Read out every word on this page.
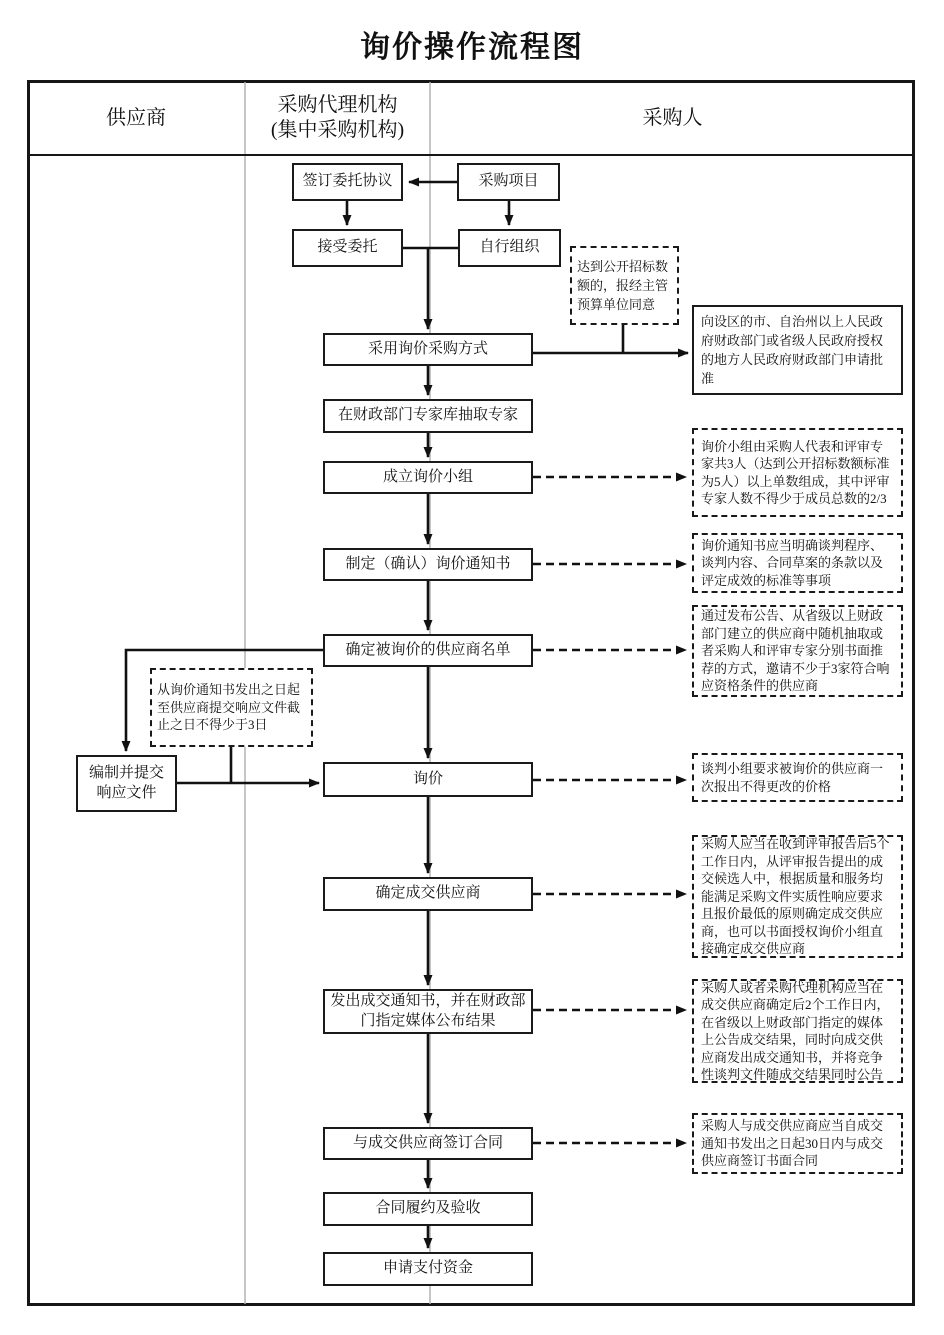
询价操作流程图
供应商
采购代理机构
(集中采购机构)
采购人
签订委托协议	采购项目
接受委托	自行组织
采用询价采购方式
在财政部门专家库抽取专家
成立询价小组
制定（确认）询价通知书
确定被询价的供应商名单
询价
确定成交供应商
发出成交通知书，并在财政部门指定媒体公布结果
与成交供应商签订合同
合同履约及验收
申请支付资金
编制并提交响应文件
向设区的市、自治州以上人民政府财政部门或省级人民政府授权的地方人民政府财政部门申请批准
达到公开招标数额的，报经主管预算单位同意
询价小组由采购人代表和评审专家共3人（达到公开招标数额标准为5人）以上单数组成，其中评审专家人数不得少于成员总数的2/3
询价通知书应当明确谈判程序、谈判内容、合同草案的条款以及评定成效的标准等事项
通过发布公告、从省级以上财政部门建立的供应商中随机抽取或者采购人和评审专家分别书面推荐的方式，邀请不少于3家符合响应资格条件的供应商
谈判小组要求被询价的供应商一次报出不得更改的价格
采购人应当在收到评审报告后5个工作日内，从评审报告提出的成交候选人中，根据质量和服务均能满足采购文件实质性响应要求且报价最低的原则确定成交供应商，也可以书面授权询价小组直接确定成交供应商
采购人或者采购代理机构应当在成交供应商确定后2个工作日内，在省级以上财政部门指定的媒体上公告成交结果，同时向成交供应商发出成交通知书，并将竞争性谈判文件随成交结果同时公告
采购人与成交供应商应当自成交通知书发出之日起30日内与成交供应商签订书面合同
从询价通知书发出之日起至供应商提交响应文件截止之日不得少于3日
